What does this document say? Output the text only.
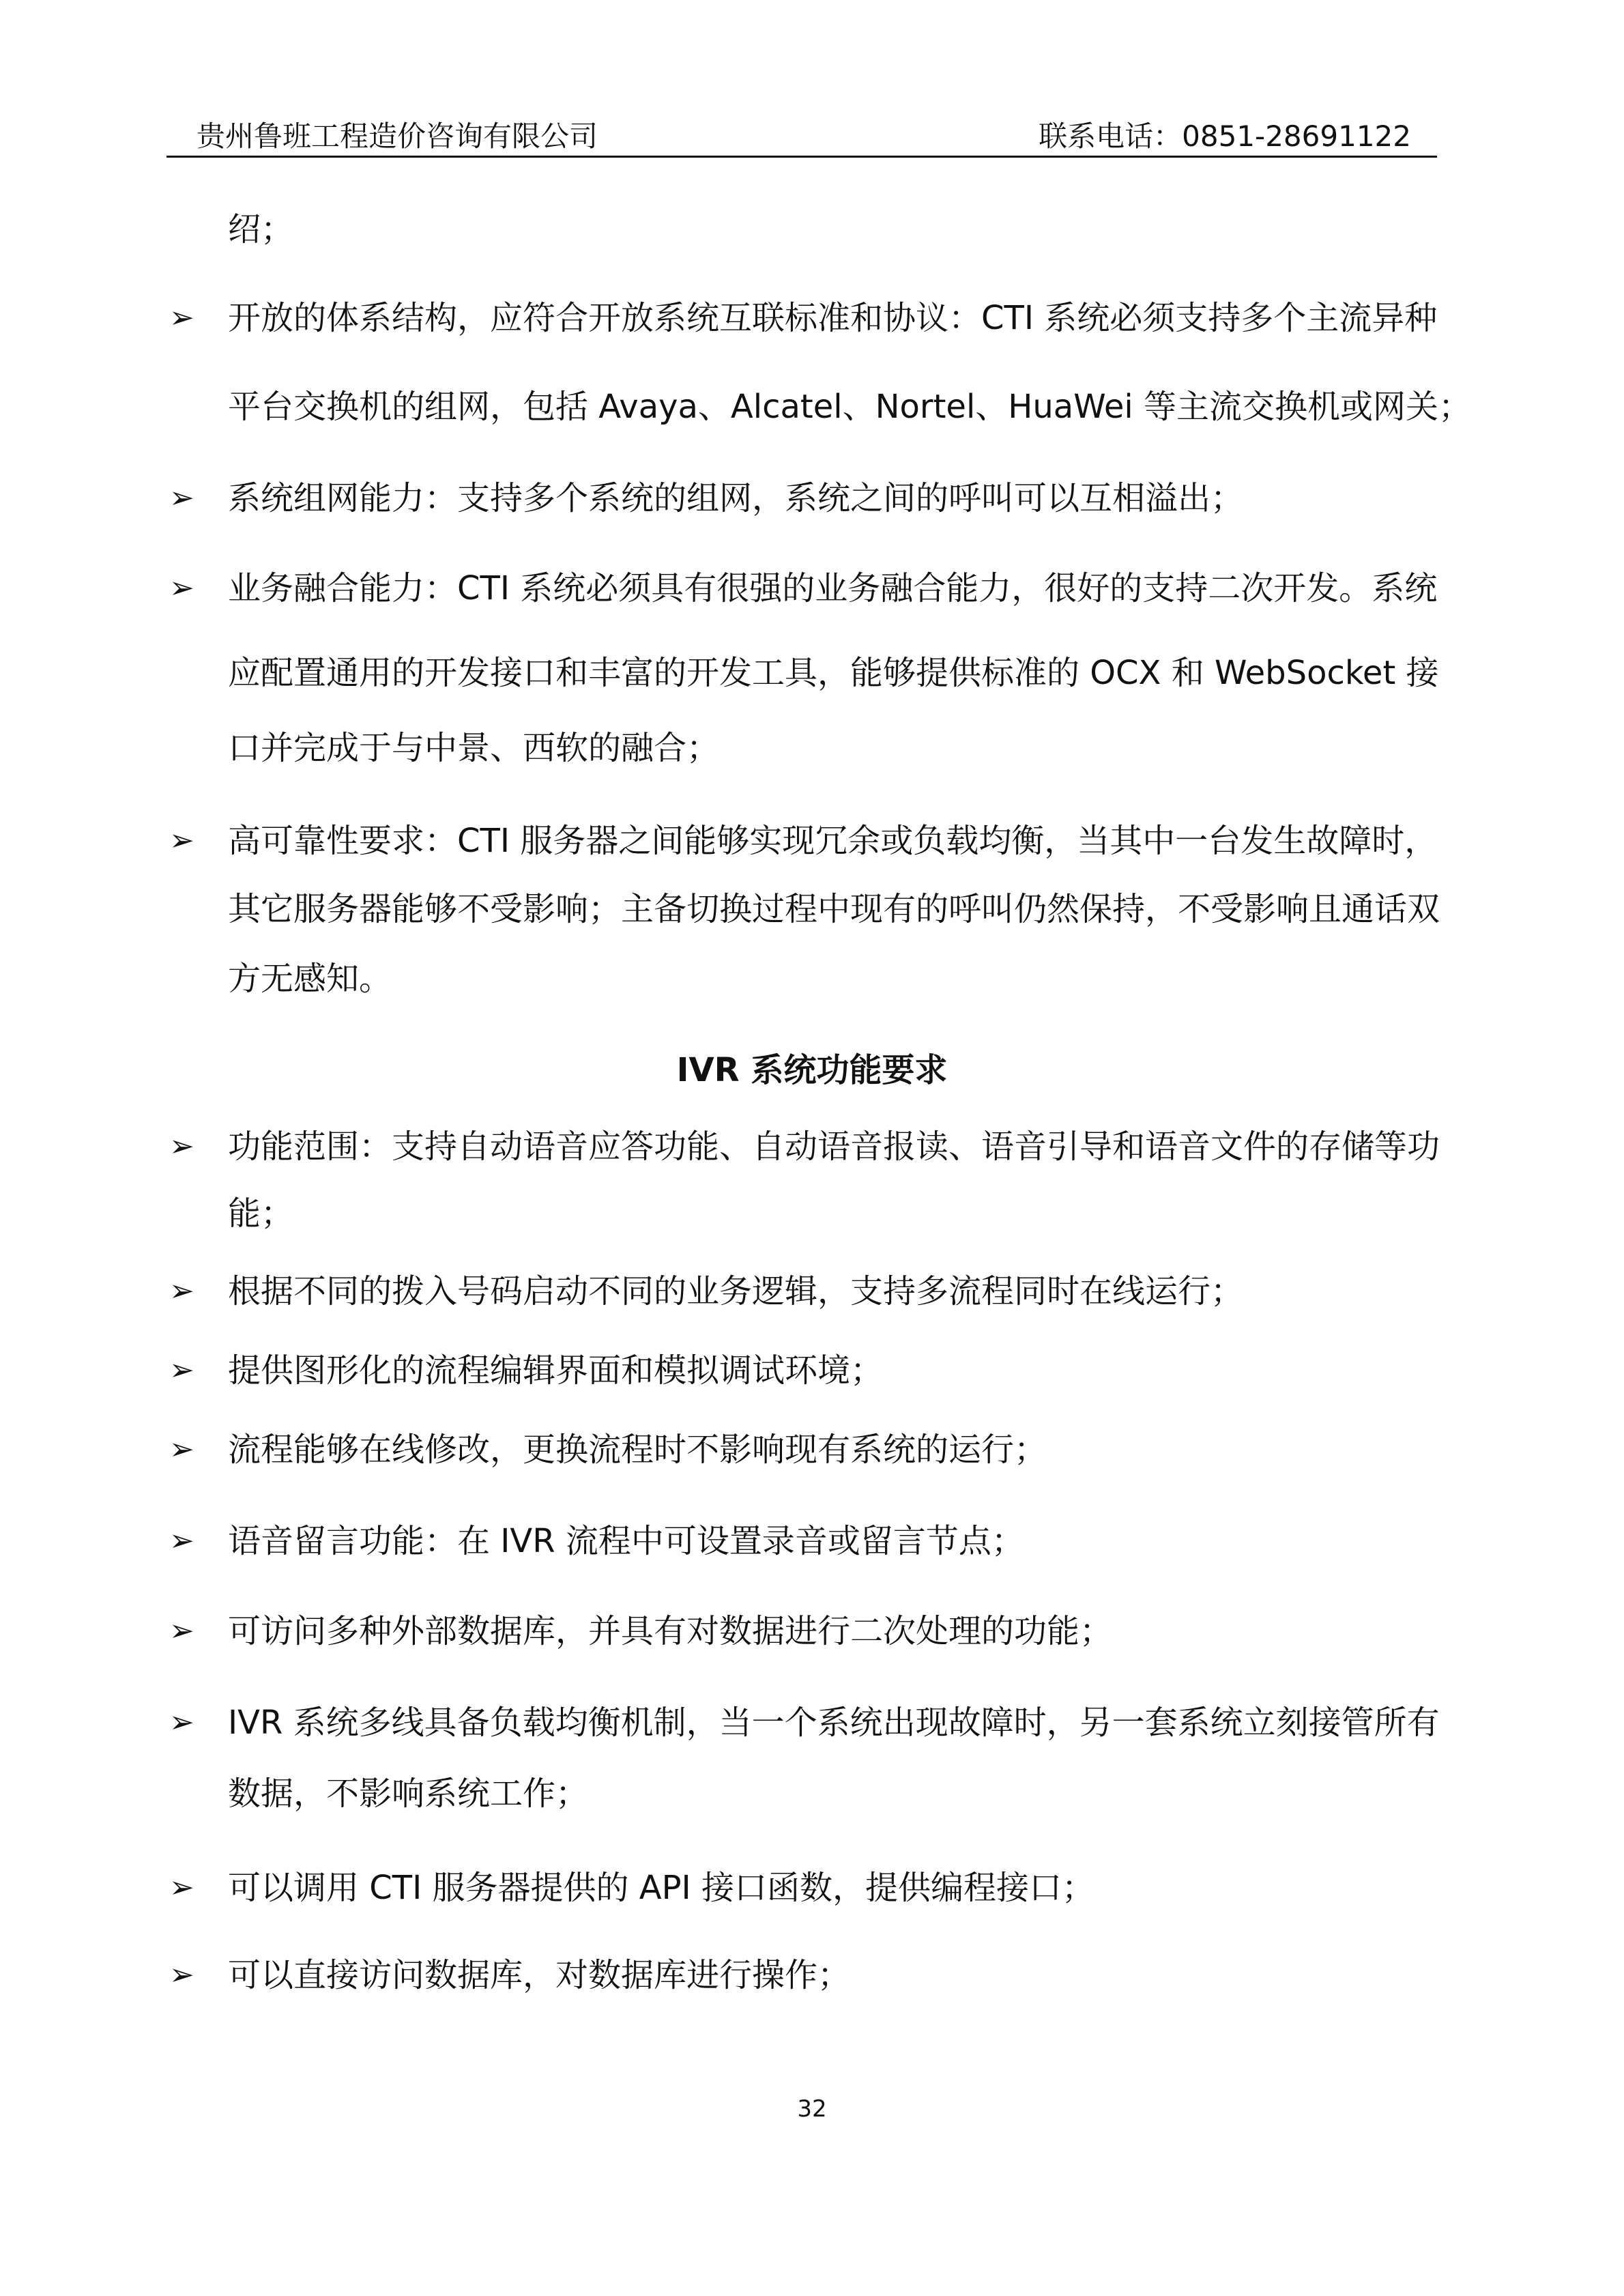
贵州鲁班工程造价咨询有限公司	联系电话：0851-28691122
绍；
➢ 开放的体系结构，应符合开放系统互联标准和协议：CTI 系统必须支持多个主流异种
平台交换机的组网，包括 Avaya、Alcatel、Nortel、HuaWei 等主流交换机或网关；
➢ 系统组网能力：支持多个系统的组网，系统之间的呼叫可以互相溢出；
➢ 业务融合能力：CTI 系统必须具有很强的业务融合能力，很好的支持二次开发。系统
应配置通用的开发接口和丰富的开发工具，能够提供标准的 OCX 和 WebSocket 接
口并完成于与中景、西软的融合；
➢ 高可靠性要求：CTI 服务器之间能够实现冗余或负载均衡，当其中一台发生故障时，
其它服务器能够不受影响；主备切换过程中现有的呼叫仍然保持，不受影响且通话双
方无感知。
IVR 系统功能要求
➢ 功能范围：支持自动语音应答功能、自动语音报读、语音引导和语音文件的存储等功
能；
➢ 根据不同的拨入号码启动不同的业务逻辑，支持多流程同时在线运行；
➢ 提供图形化的流程编辑界面和模拟调试环境；
➢ 流程能够在线修改，更换流程时不影响现有系统的运行；
➢ 语音留言功能：在 IVR 流程中可设置录音或留言节点；
➢ 可访问多种外部数据库，并具有对数据进行二次处理的功能；
➢ IVR 系统多线具备负载均衡机制，当一个系统出现故障时，另一套系统立刻接管所有
数据，不影响系统工作；
➢ 可以调用 CTI 服务器提供的 API 接口函数，提供编程接口；
➢ 可以直接访问数据库，对数据库进行操作；
32
